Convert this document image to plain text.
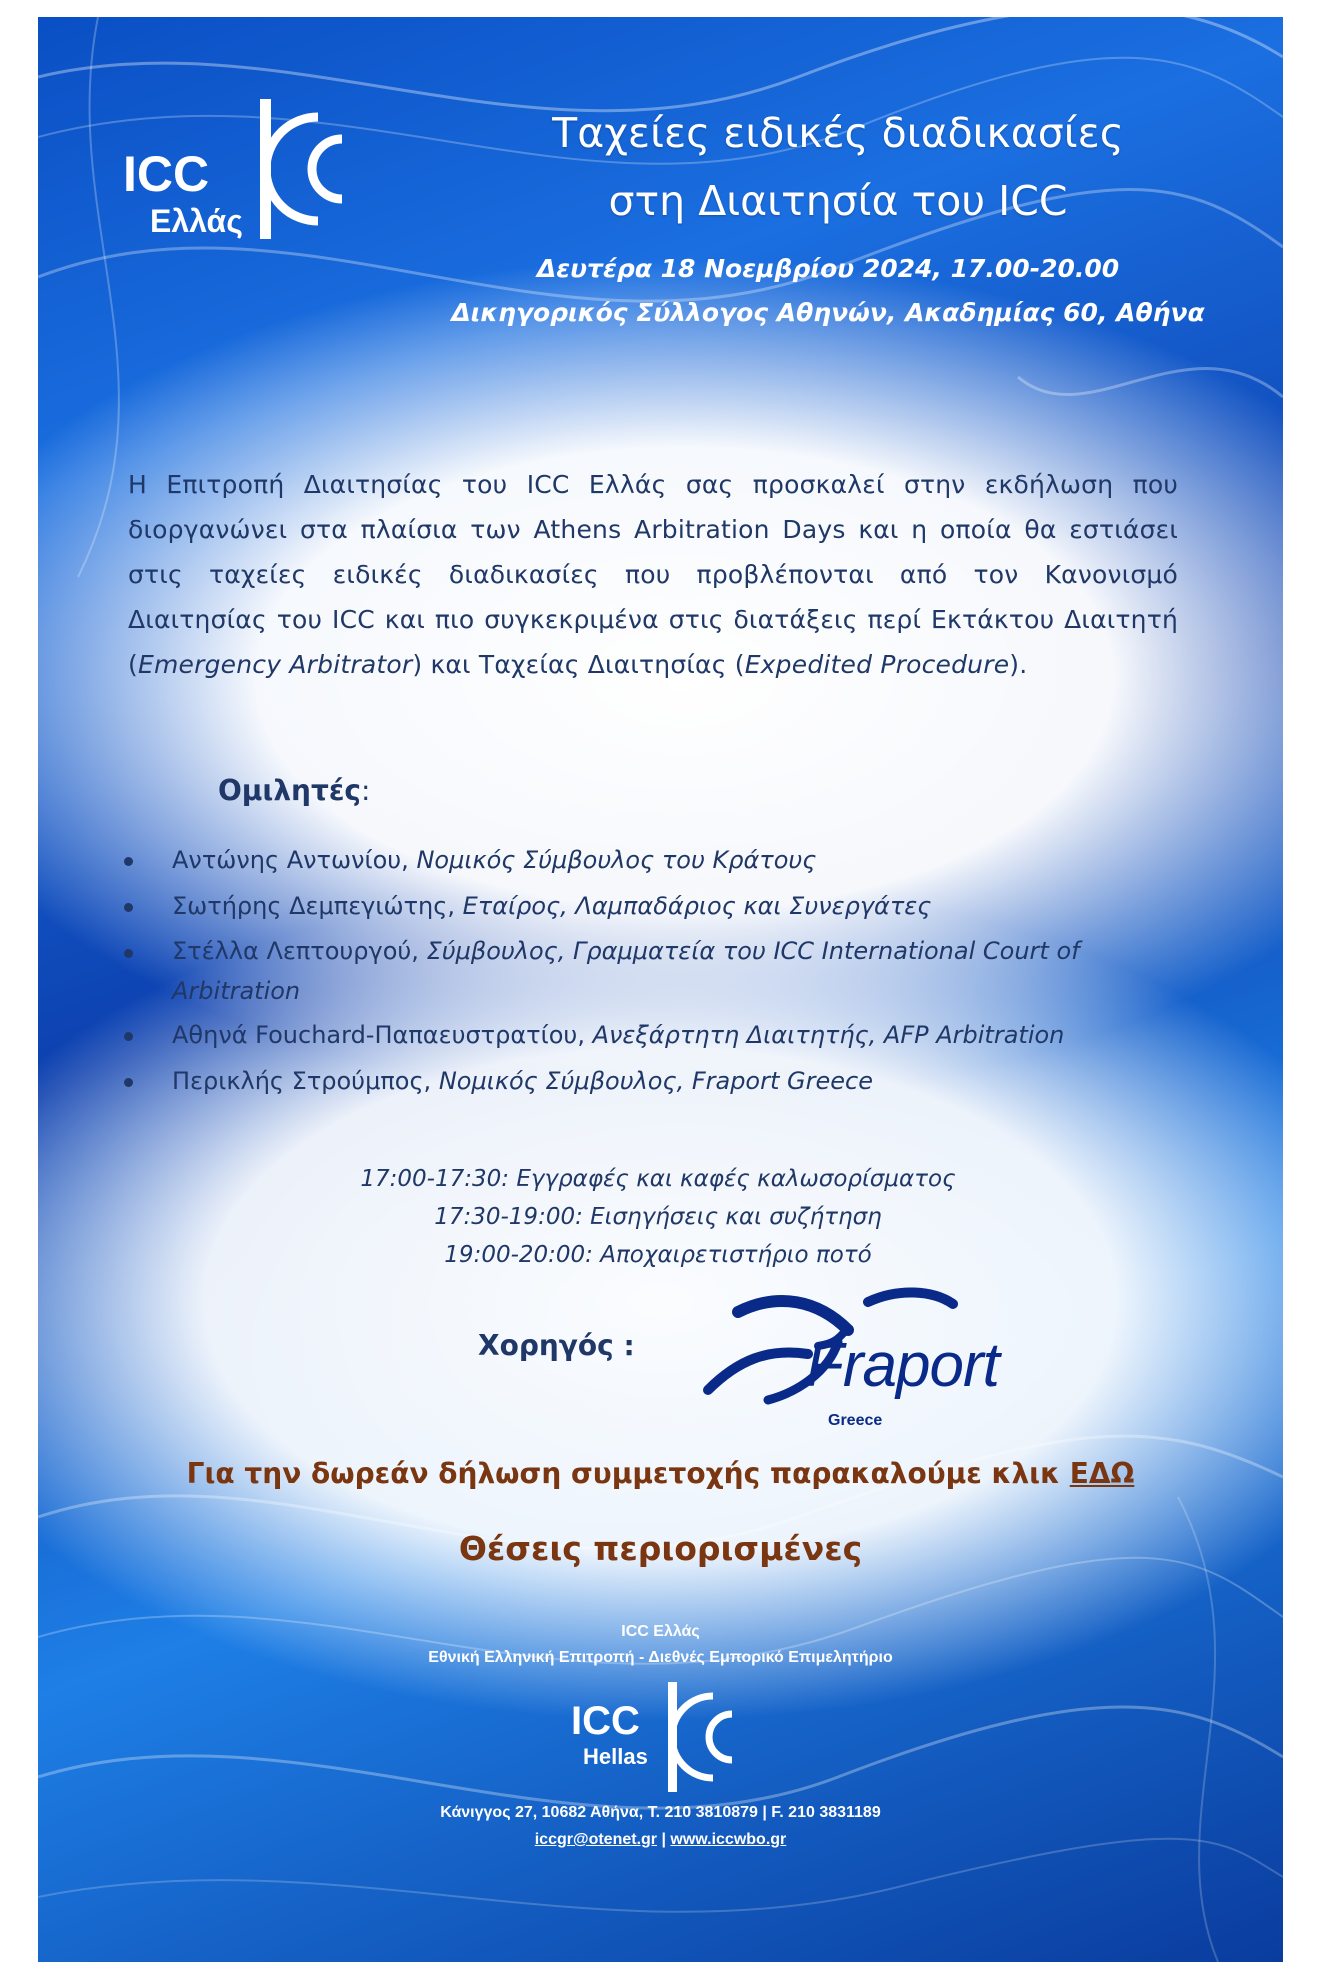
ICC
Ελλάς
Ταχείες ειδικές διαδικασίες
στη Διαιτησία του ICC
Δευτέρα 18 Νοεμβρίου 2024, 17.00-20.00
Δικηγορικός Σύλλογος Αθηνών, Ακαδημίας 60, Αθήνα
Η Επιτροπή Διαιτησίας του ICC Ελλάς σας προσκαλεί στην εκδήλωση που διοργανώνει στα πλαίσια των Athens Arbitration Days και η οποία θα εστιάσει στις ταχείες ειδικές διαδικασίες που προβλέπονται από τον Κανονισμό Διαιτησίας του ICC και πιο συγκεκριμένα στις διατάξεις περί Εκτάκτου Διαιτητή (Emergency Arbitrator) και Ταχείας Διαιτησίας (Expedited Procedure).
Ομιλητές:
Αντώνης Αντωνίου, Νομικός Σύμβουλος του Κράτους
Σωτήρης Δεμπεγιώτης, Εταίρος, Λαμπαδάριος και Συνεργάτες
Στέλλα Λεπτουργού, Σύμβουλος, Γραμματεία του ICC International Court of Arbitration
Αθηνά Fouchard-Παπαευστρατίου, Ανεξάρτητη Διαιτητής, AFP Arbitration
Περικλής Στρούμπος, Νομικός Σύμβουλος, Fraport Greece
17:00-17:30: Εγγραφές και καφές καλωσορίσματος
17:30-19:00: Εισηγήσεις και συζήτηση
19:00-20:00: Αποχαιρετιστήριο ποτό
Χορηγός :	Fraport
Greece
Για την δωρεάν δήλωση συμμετοχής παρακαλούμε κλικ ΕΔΩ
Θέσεις περιορισμένες
ICC Ελλάς
Εθνική Ελληνική Επιτροπή - Διεθνές Εμπορικό Επιμελητήριο
ICC
Hellas
Κάνιγγος 27, 10682 Αθήνα, Τ. 210 3810879 | F. 210 3831189
iccgr@otenet.gr | www.iccwbo.gr
